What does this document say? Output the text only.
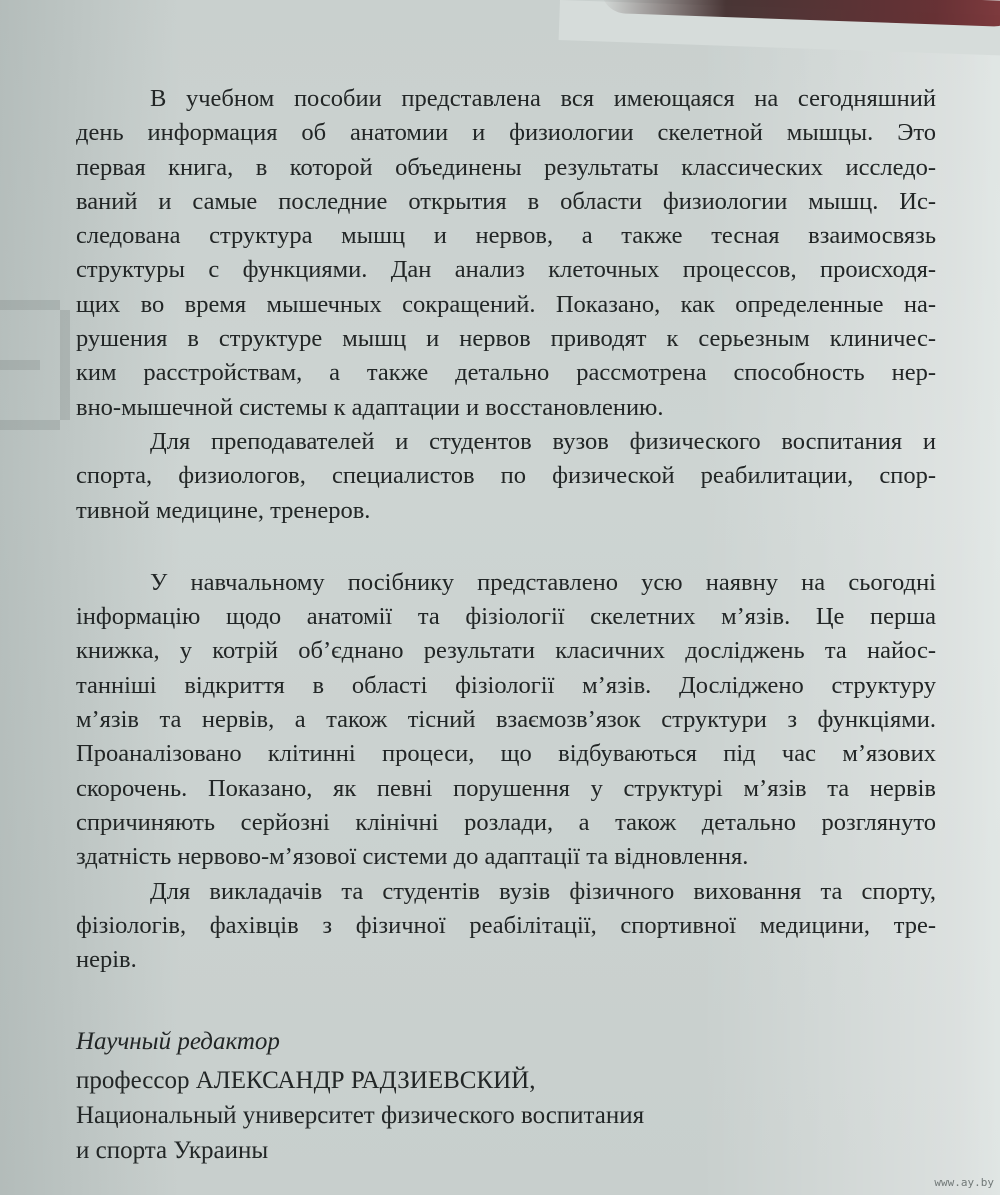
В учебном пособии представлена вся имеющаяся на сегодняшний
день информация об анатомии и физиологии скелетной мышцы. Это
первая книга, в которой объединены результаты классических исследо-
ваний и самые последние открытия в области физиологии мышц. Ис-
следована структура мышц и нервов, а также тесная взаимосвязь
структуры с функциями. Дан анализ клеточных процессов, происходя-
щих во время мышечных сокращений. Показано, как определенные на-
рушения в структуре мышц и нервов приводят к серьезным клиничес-
ким расстройствам, а также детально рассмотрена способность нер-
вно-мышечной системы к адаптации и восстановлению.
Для преподавателей и студентов вузов физического воспитания и
спорта, физиологов, специалистов по физической реабилитации, спор-
тивной медицине, тренеров.
У навчальному посібнику представлено усю наявну на сьогодні
інформацію щодо анатомії та фізіології скелетних м’язів. Це перша
книжка, у котрій об’єднано результати класичних досліджень та найос-
танніші відкриття в області фізіології м’язів. Досліджено структуру
м’язів та нервів, а також тісний взаємозв’язок структури з функціями.
Проаналізовано клітинні процеси, що відбуваються під час м’язових
скорочень. Показано, як певні порушення у структурі м’язів та нервів
спричиняють серйозні клінічні розлади, а також детально розглянуто
здатність нервово-м’язової системи до адаптації та відновлення.
Для викладачів та студентів вузів фізичного виховання та спорту,
фізіологів, фахівців з фізичної реабілітації, спортивної медицини, тре-
нерів.
Научный редактор
профессор АЛЕКСАНДР РАДЗИЕВСКИЙ,
Национальный университет физического воспитания
и спорта Украины
www.ay.by
